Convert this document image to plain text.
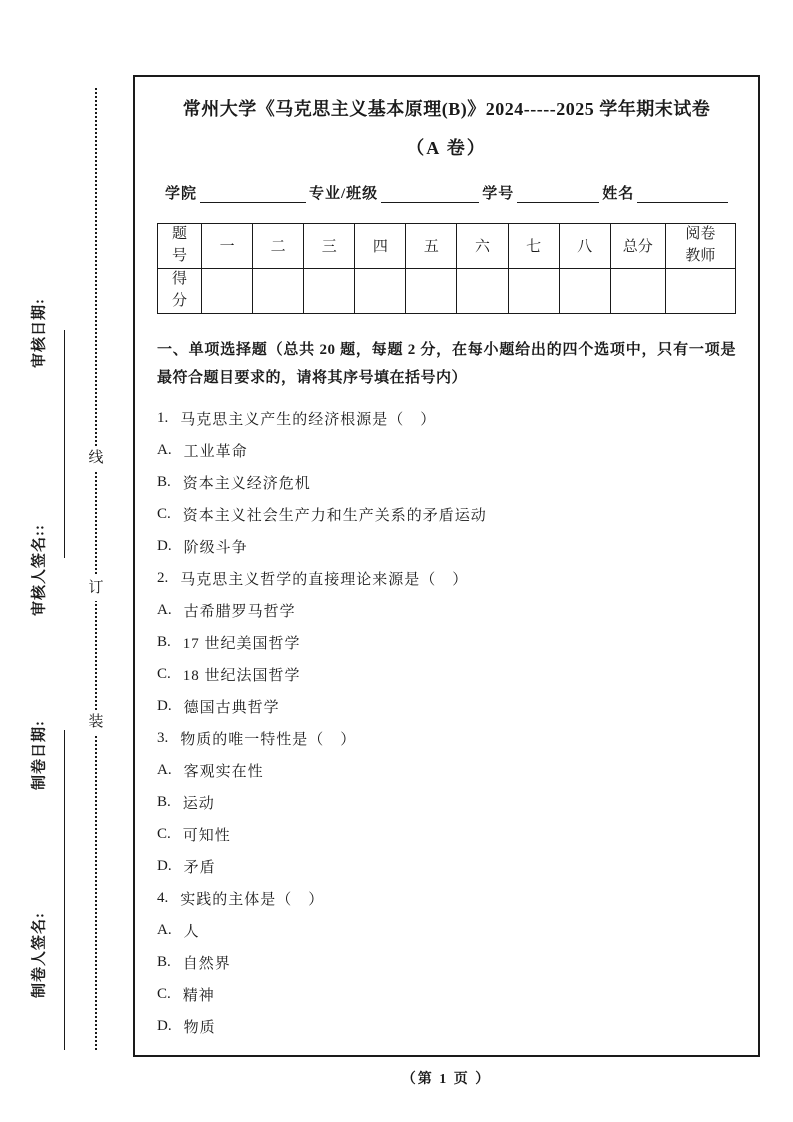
审核日期:
审核人签名::
制卷日期:
制卷人签名:
线
订
装
常州大学《马克思主义基本原理(B)》2024-----2025 学年期末试卷
（A 卷）
学院	专业/班级	学号	姓名
题号	一	二	三	四	五	六	七	八	总分	阅卷教师
得分										
一、单项选择题（总共 20 题，每题 2 分，在每小题给出的四个选项中，只有一项是最符合题目要求的，请将其序号填在括号内）
1. 马克思主义产生的经济根源是（　）
A. 工业革命
B. 资本主义经济危机
C. 资本主义社会生产力和生产关系的矛盾运动
D. 阶级斗争
2. 马克思主义哲学的直接理论来源是（　）
A. 古希腊罗马哲学
B. 17 世纪美国哲学
C. 18 世纪法国哲学
D. 德国古典哲学
3. 物质的唯一特性是（　）
A. 客观实在性
B. 运动
C. 可知性
D. 矛盾
4. 实践的主体是（　）
A. 人
B. 自然界
C. 精神
D. 物质
（第 1 页 ）
